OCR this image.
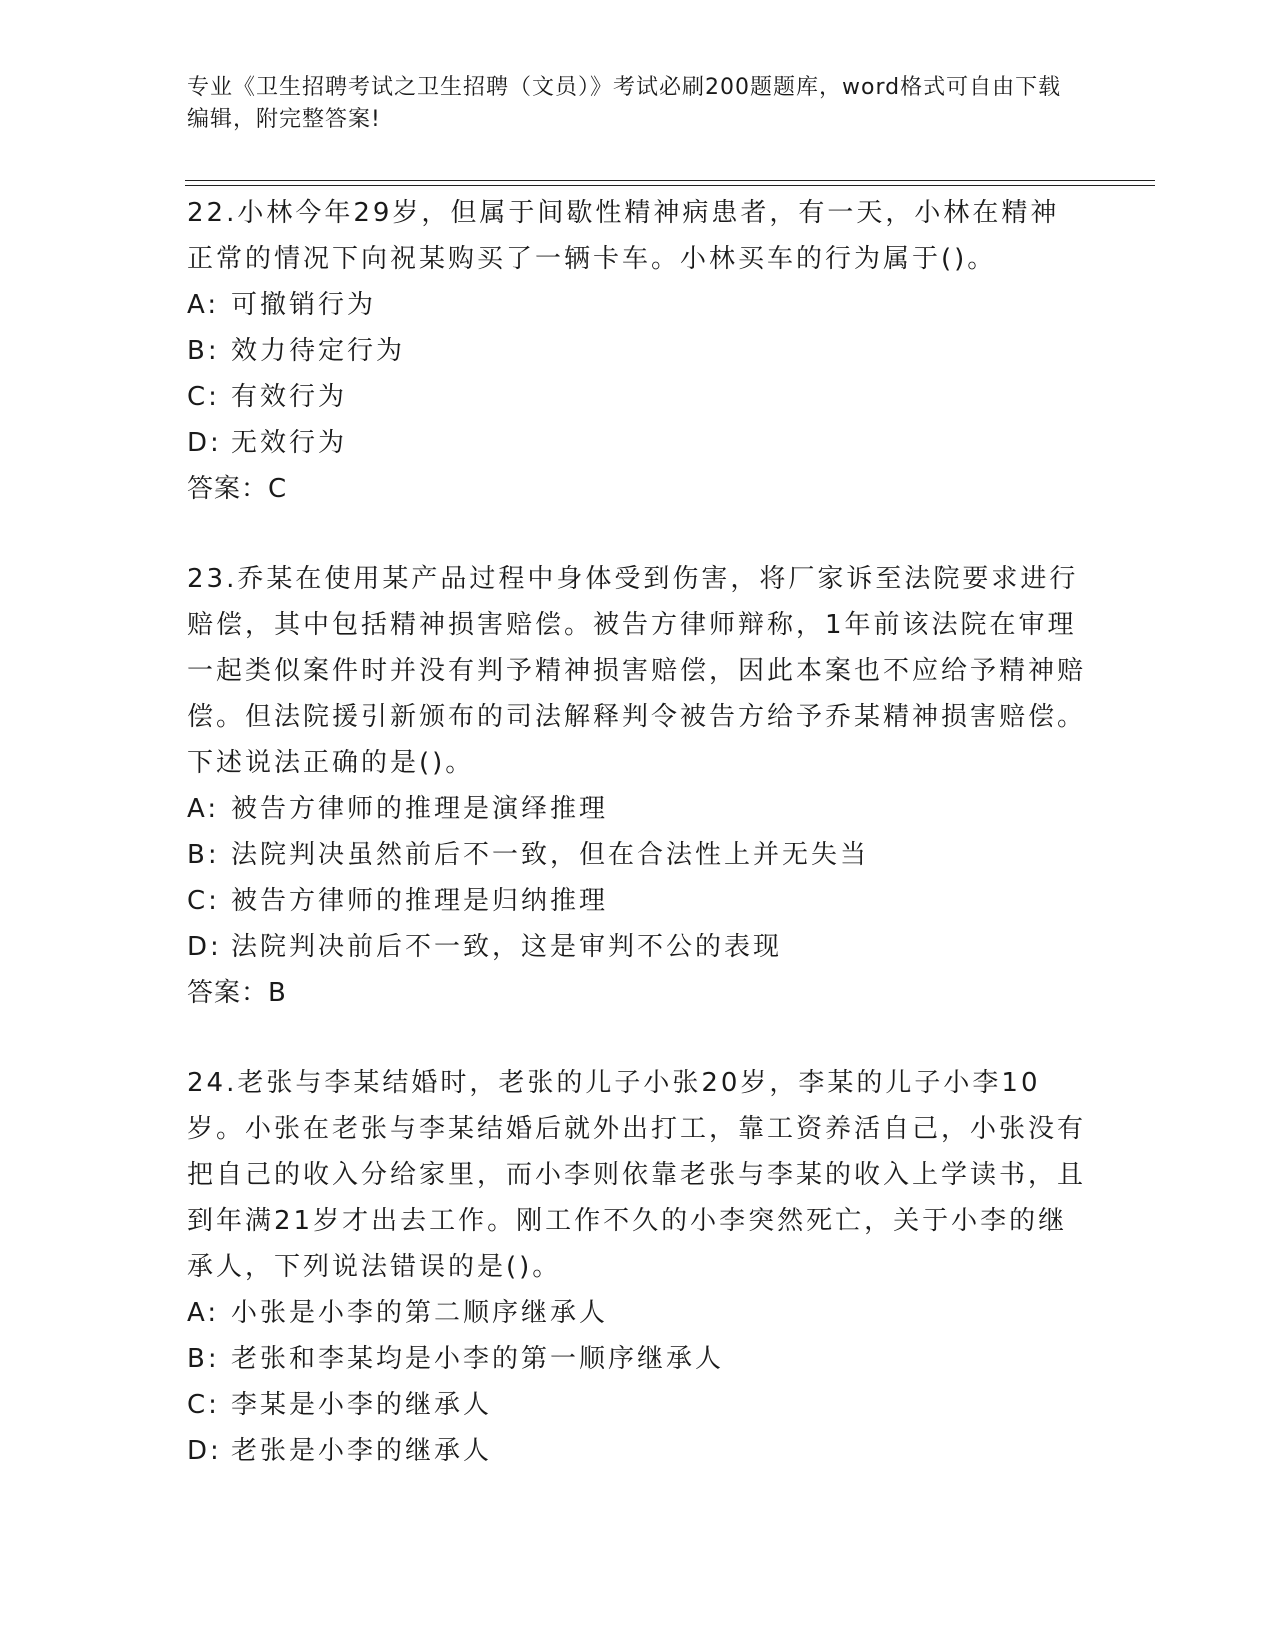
专业《卫生招聘考试之卫生招聘（文员）》考试必刷200题题库，word格式可自由下载编辑，附完整答案!

22.小林今年29岁，但属于间歇性精神病患者，有一天，小林在精神正常的情况下向祝某购买了一辆卡车。小林买车的行为属于()。

A: 可撤销行为

B: 效力待定行为

C: 有效行为

D: 无效行为

答案：C

23.乔某在使用某产品过程中身体受到伤害，将厂家诉至法院要求进行赔偿，其中包括精神损害赔偿。被告方律师辩称，1年前该法院在审理一起类似案件时并没有判予精神损害赔偿，因此本案也不应给予精神赔偿。但法院援引新颁布的司法解释判令被告方给予乔某精神损害赔偿。下述说法正确的是()。

A: 被告方律师的推理是演绎推理

B: 法院判决虽然前后不一致，但在合法性上并无失当

C: 被告方律师的推理是归纳推理

D: 法院判决前后不一致，这是审判不公的表现

答案：B

24.老张与李某结婚时，老张的儿子小张20岁，李某的儿子小李10岁。小张在老张与李某结婚后就外出打工，靠工资养活自己，小张没有把自己的收入分给家里，而小李则依靠老张与李某的收入上学读书，且到年满21岁才出去工作。刚工作不久的小李突然死亡，关于小李的继承人，下列说法错误的是()。

A: 小张是小李的第二顺序继承人

B: 老张和李某均是小李的第一顺序继承人

C: 李某是小李的继承人

D: 老张是小李的继承人
